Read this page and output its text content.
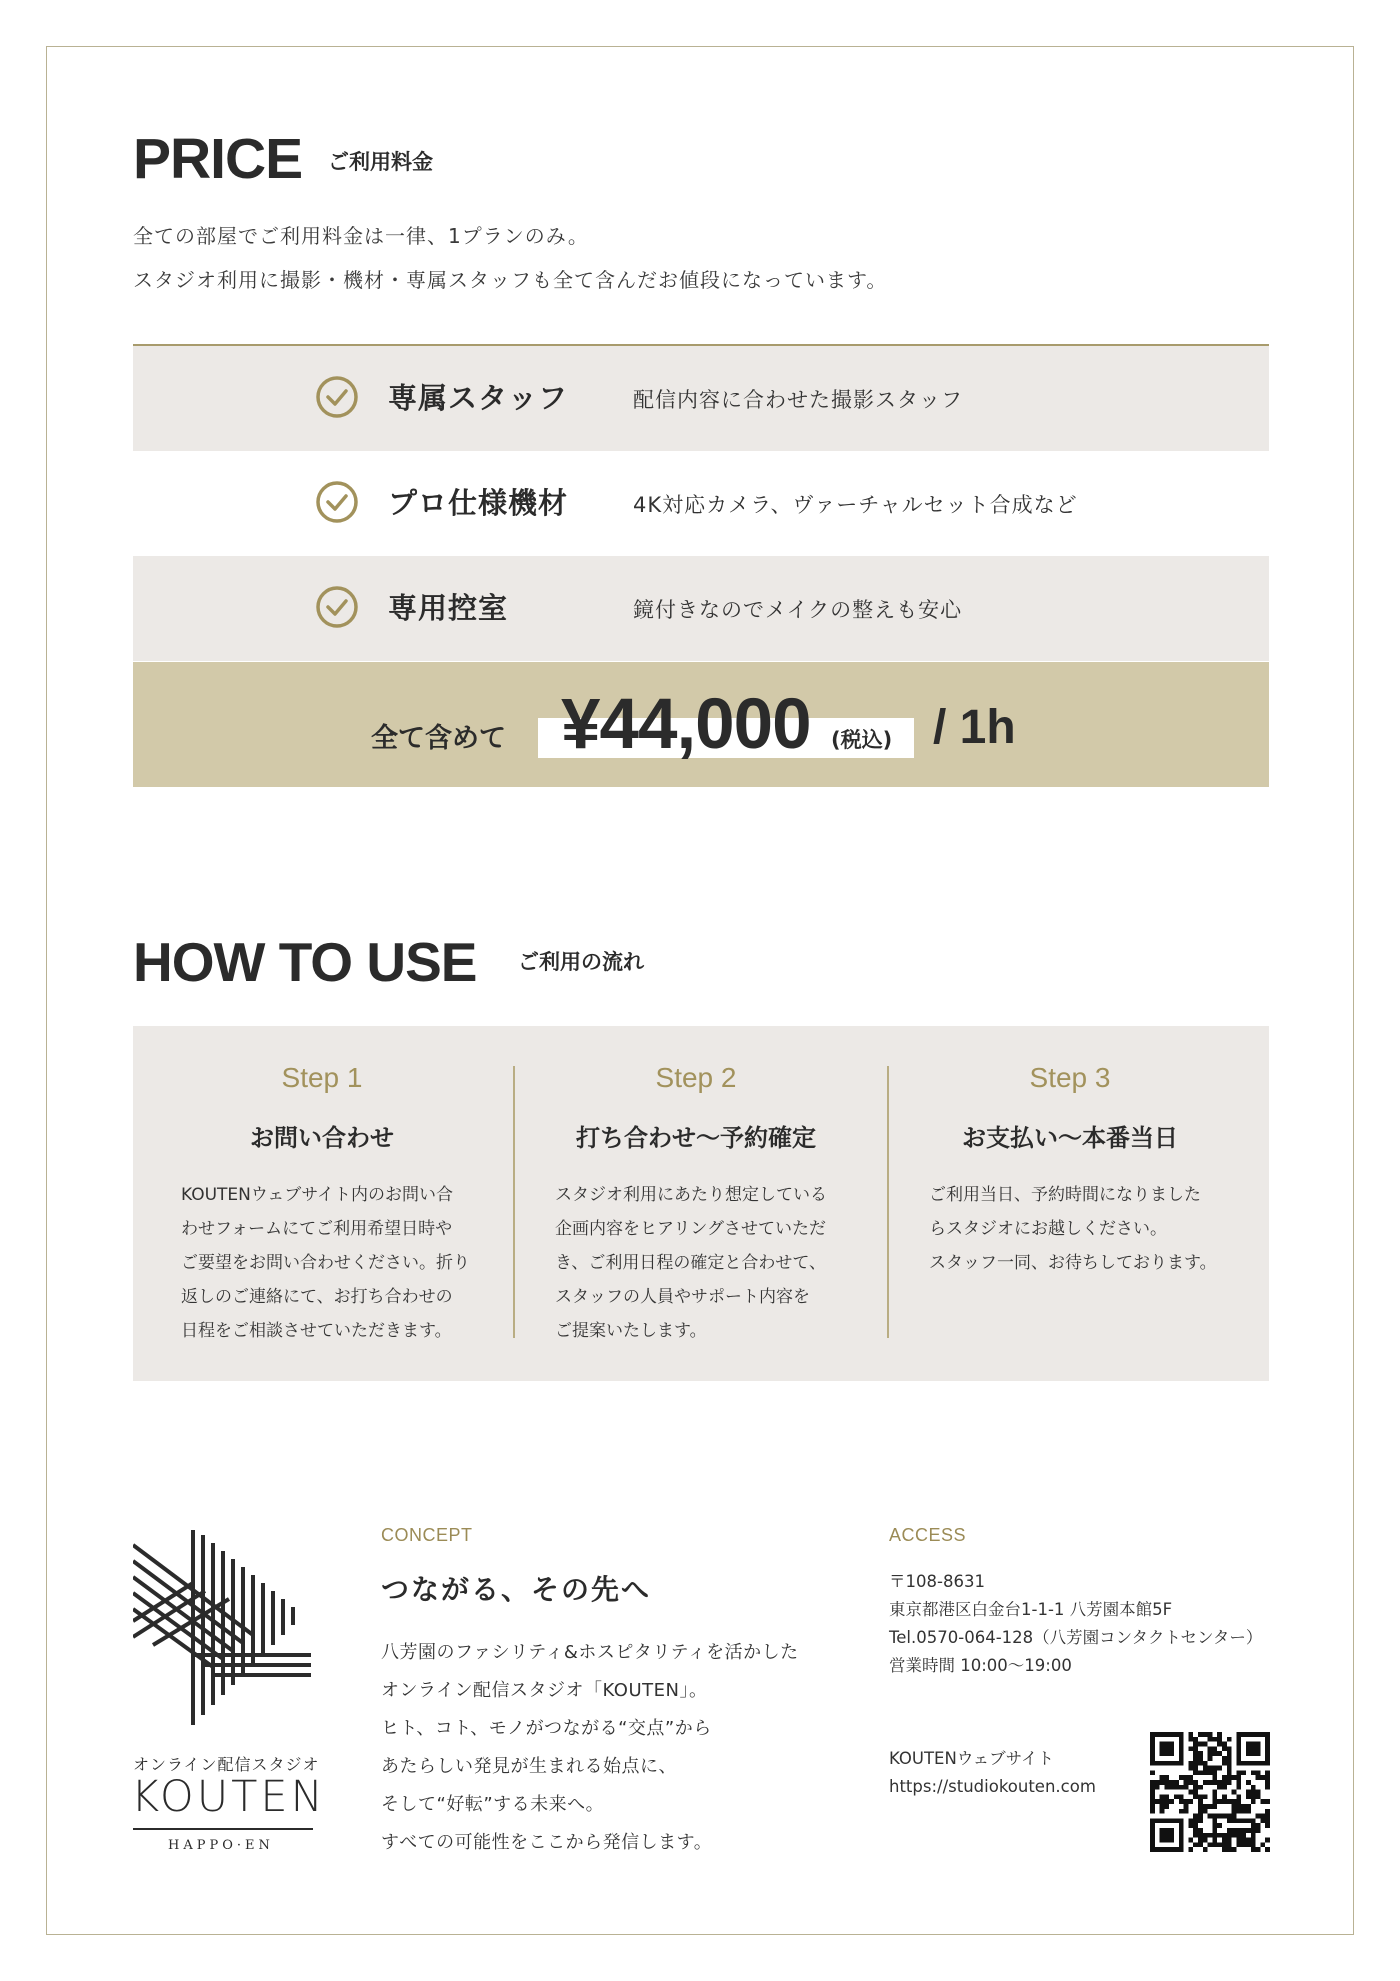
PRICE ご利用料金
全ての部屋でご利用料金は一律、1プランのみ。
スタジオ利用に撮影・機材・専属スタッフも全て含んだお値段になっています。
専属スタッフ	配信内容に合わせた撮影スタッフ
プロ仕様機材	4K対応カメラ、ヴァーチャルセット合成など
専用控室	鏡付きなのでメイクの整えも安心
全て含めて ¥44,000 (税込) / 1h
HOW TO USE ご利用の流れ
Step 1
お問い合わせ
KOUTENウェブサイト内のお問い合
わせフォームにてご利用希望日時や
ご要望をお問い合わせください。折り
返しのご連絡にて、お打ち合わせの
日程をご相談させていただきます。
Step 2
打ち合わせ〜予約確定
スタジオ利用にあたり想定している
企画内容をヒアリングさせていただ
き、ご利用日程の確定と合わせて、
スタッフの人員やサポート内容を
ご提案いたします。
Step 3
お支払い〜本番当日
ご利用当日、予約時間になりました
らスタジオにお越しください。
スタッフ一同、お待ちしております。
オンライン配信スタジオ
KOUTEN
HAPPO·EN
CONCEPT
つながる、その先へ
八芳園のファシリティ&ホスピタリティを活かした
オンライン配信スタジオ「KOUTEN」。
ヒト、コト、モノがつながる“交点”から
あたらしい発見が生まれる始点に、
そして“好転”する未来へ。
すべての可能性をここから発信します。
ACCESS
〒108-8631
東京都港区白金台1-1-1 八芳園本館5F
Tel.0570-064-128（八芳園コンタクトセンター）
営業時間 10:00〜19:00
KOUTENウェブサイト
https://studiokouten.com
